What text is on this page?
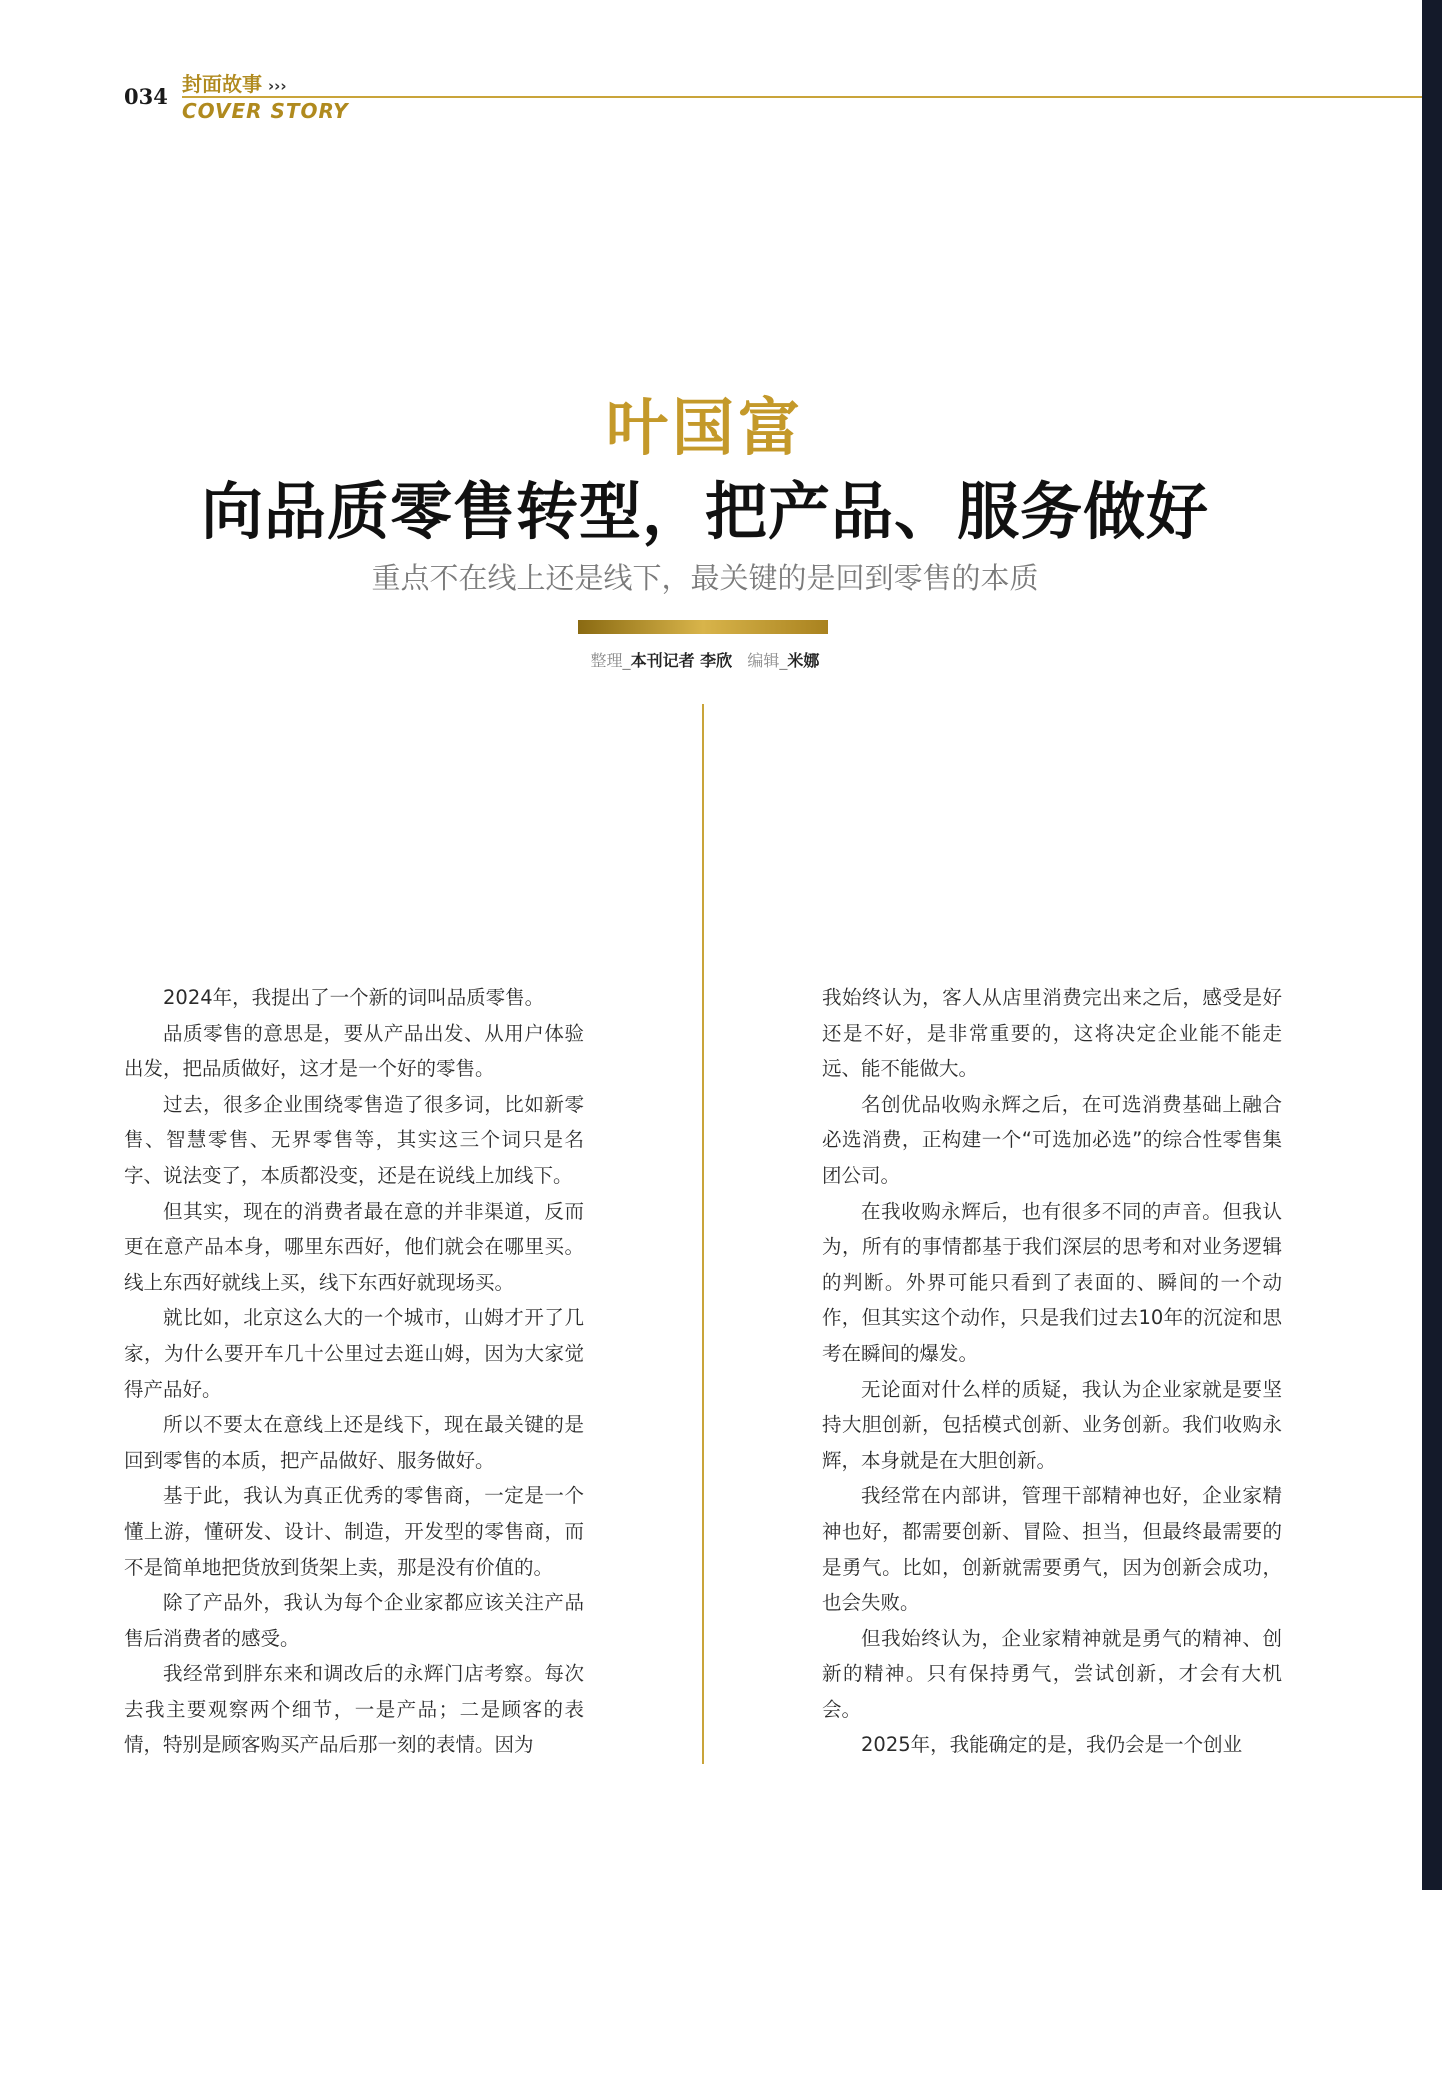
034 封面故事 ›››
COVER STORY
叶国富
向品质零售转型，把产品、服务做好
重点不在线上还是线下，最关键的是回到零售的本质
整理_本刊记者 李欣 编辑_米娜

2024年，我提出了一个新的词叫品质零售。

品质零售的意思是，要从产品出发、从用户体验出发，把品质做好，这才是一个好的零售。

过去，很多企业围绕零售造了很多词，比如新零售、智慧零售、无界零售等，其实这三个词只是名字、说法变了，本质都没变，还是在说线上加线下。

但其实，现在的消费者最在意的并非渠道，反而更在意产品本身，哪里东西好，他们就会在哪里买。线上东西好就线上买，线下东西好就现场买。

就比如，北京这么大的一个城市，山姆才开了几家，为什么要开车几十公里过去逛山姆，因为大家觉得产品好。

所以不要太在意线上还是线下，现在最关键的是回到零售的本质，把产品做好、服务做好。

基于此，我认为真正优秀的零售商，一定是一个懂上游，懂研发、设计、制造，开发型的零售商，而不是简单地把货放到货架上卖，那是没有价值的。

除了产品外，我认为每个企业家都应该关注产品售后消费者的感受。

我经常到胖东来和调改后的永辉门店考察。每次去我主要观察两个细节，一是产品；二是顾客的表情，特别是顾客购买产品后那一刻的表情。因为

我始终认为，客人从店里消费完出来之后，感受是好还是不好，是非常重要的，这将决定企业能不能走远、能不能做大。

名创优品收购永辉之后，在可选消费基础上融合必选消费，正构建一个“可选加必选”的综合性零售集团公司。

在我收购永辉后，也有很多不同的声音。但我认为，所有的事情都基于我们深层的思考和对业务逻辑的判断。外界可能只看到了表面的、瞬间的一个动作，但其实这个动作，只是我们过去10年的沉淀和思考在瞬间的爆发。

无论面对什么样的质疑，我认为企业家就是要坚持大胆创新，包括模式创新、业务创新。我们收购永辉，本身就是在大胆创新。

我经常在内部讲，管理干部精神也好，企业家精神也好，都需要创新、冒险、担当，但最终最需要的是勇气。比如，创新就需要勇气，因为创新会成功，也会失败。

但我始终认为，企业家精神就是勇气的精神、创新的精神。只有保持勇气，尝试创新，才会有大机会。

2025年，我能确定的是，我仍会是一个创业
